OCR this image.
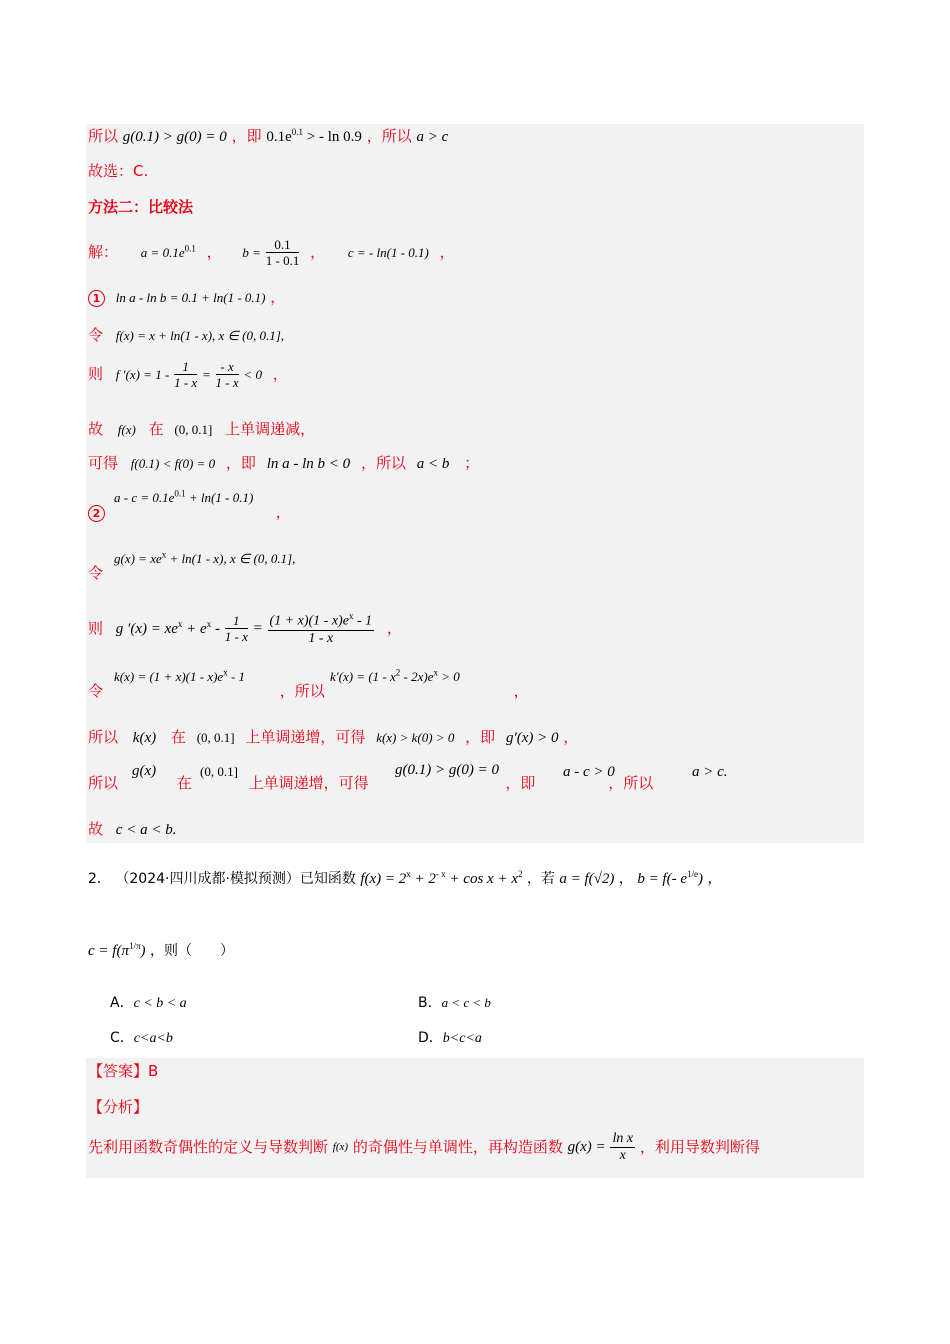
所以 g(0.1) > g(0) = 0 ，即 $0.1e^{0.1}$ > - ln 0.9 ，所以 a > c
故选：C.
方法二：比较法
解： $a = 0.1e^{0.1}$ ， $b = \frac{0.1}{1 - 0.1}$ ， c = - ln(1 - 0.1) ，
1 ln a - ln b = 0.1 + ln(1 - 0.1) ，
令 f(x) = x + ln(1 - x), x ∈ (0, 0.1],
则 f $'(x) = 1 - \frac{1}{1 - x} = \frac{- x}{1 - x} < 0$ ，
故 f(x) 在 (0, 0.1] 上单调递减，
可得 f(0.1) < f(0) = 0 ，即 ln a - ln b < 0 ，所以 a < b ；
$a - c = 0.1e^{0.1} + \ln(1 - 0.1)$
2	，
$g(x) = xe^x + \ln(1 - x)$, x ∈ (0, 0.1],
令
则 g $'(x) = xe^x + e^x - \frac{1}{1 - x} = \frac{(1 + x)(1 - x)e^x - 1}{1 - x}$ ，
$k(x) = (1 + x)(1 - x)e^x - 1$	$k'(x) = (1 - x^2 - 2x)e^x > 0$
令	，所以	，
所以 k(x) 在 (0, 0.1] 上单调递增，可得 k(x) > k(0) > 0 ，即 g′(x) > 0 ，
g(x)	(0, 0.1]	g(0.1) > g(0) = 0	a - c > 0	a > c.
所以	在	上单调递增，可得	，即	，所以
故 c < a < b.
2． （2024·四川成都·模拟预测）已知函数 $f(x) = 2^x + 2^{- x} + \cos x + x^2$ ，若 a = f(√2) ， b = f(- $e^{1/e}$) ，
$c = f(\pi^{1/\pi})$ ，则（　　）
A．c < b < a	B．a < c < b
C．c<a<b	D．b<c<a
【答案】B
【分析】
先利用函数奇偶性的定义与导数判断 f(x) 的奇偶性与单调性，再构造函数 $g(x) = \frac{\text{ln x}}{x}$ ，利用导数判断得
